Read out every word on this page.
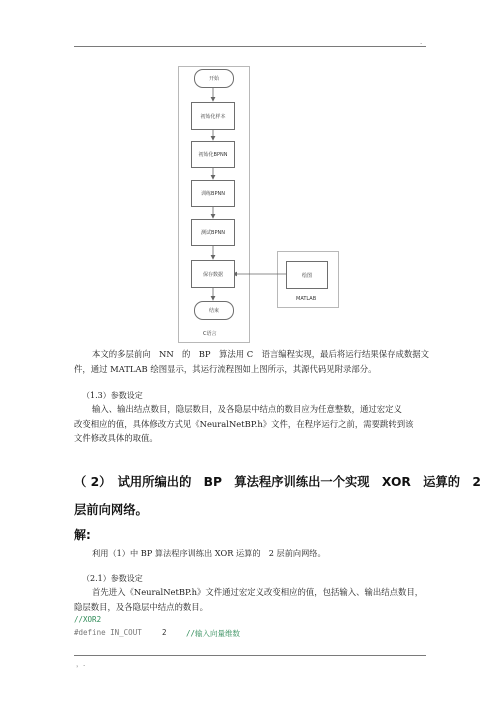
.
开始
初始化样本
初始化BPNN
训练BPNN
测试BPNN
保存数据
结束
绘图
C语言
MATLAB
本文的多层前向　NN　的　BP　算法用 C　语言编程实现，最后将运行结果保存成数据文
件，通过 MATLAB 绘图显示，其运行流程图如上图所示，其源代码见附录部分。
（1.3）参数设定
输入、输出结点数目，隐层数目，及各隐层中结点的数目应为任意整数，通过宏定义
改变相应的值，具体修改方式见《NeuralNetBP.h》文件，在程序运行之前，需要跳转到该
文件修改具体的取值。
（ 2）　试用所编出的　BP　算法程序训练出一个实现　XOR　运算的　2
层前向网络。
解:
利用（1）中 BP 算法程序训练出 XOR 运算的　2 层前向网络。
（2.1）参数设定
首先进入《NeuralNetBP.h》文件通过宏定义改变相应的值，包括输入、输出结点数目，
隐层数目，及各隐层中结点的数目。
//XOR2
#define IN_COUT	2	//输入向量维数
，.
